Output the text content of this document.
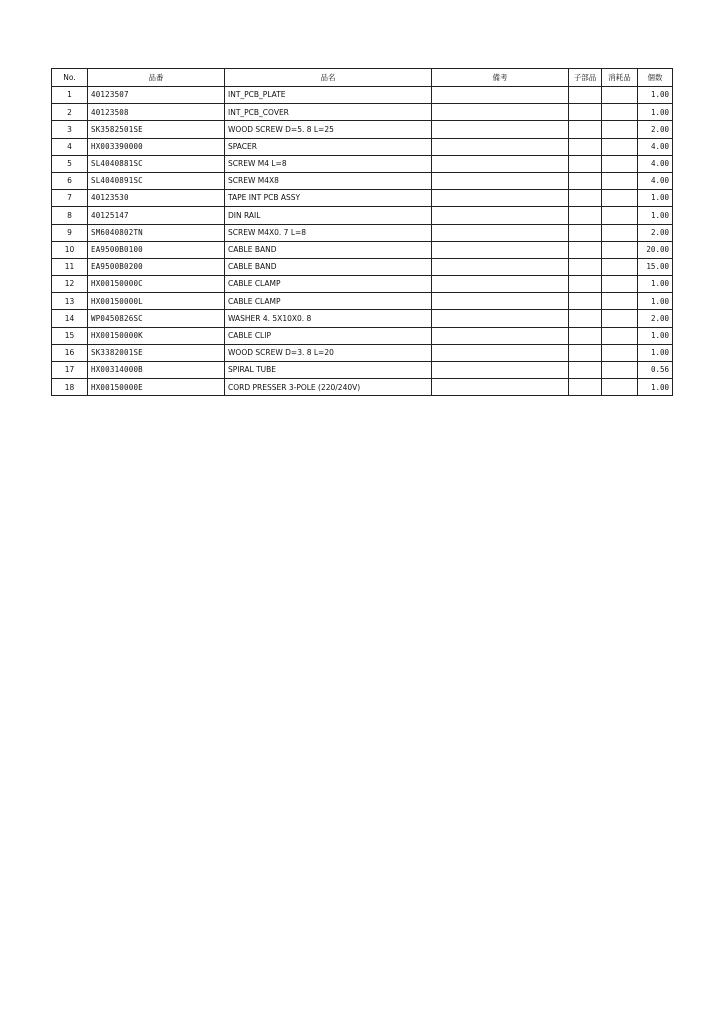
No.	品番	品名	備考	子部品	消耗品	個数
1	40123507	INT_PCB_PLATE				1.00
2	40123508	INT_PCB_COVER				1.00
3	SK3582501SE	WOOD SCREW D=5. 8 L=25				2.00
4	HX003390000	SPACER				4.00
5	SL4040881SC	SCREW M4 L=8				4.00
6	SL4040891SC	SCREW M4X8				4.00
7	40123530	TAPE INT PCB ASSY				1.00
8	40125147	DIN RAIL				1.00
9	SM6040802TN	SCREW M4X0. 7 L=8				2.00
10	EA9500B0100	CABLE BAND				20.00
11	EA9500B0200	CABLE BAND				15.00
12	HX00150000C	CABLE CLAMP				1.00
13	HX00150000L	CABLE CLAMP				1.00
14	WP0450826SC	WASHER 4. 5X10X0. 8				2.00
15	HX00150000K	CABLE CLIP				1.00
16	SK3382001SE	WOOD SCREW D=3. 8 L=20				1.00
17	HX00314000B	SPIRAL TUBE				0.56
18	HX00150000E	CORD PRESSER 3-POLE (220/240V)				1.00
